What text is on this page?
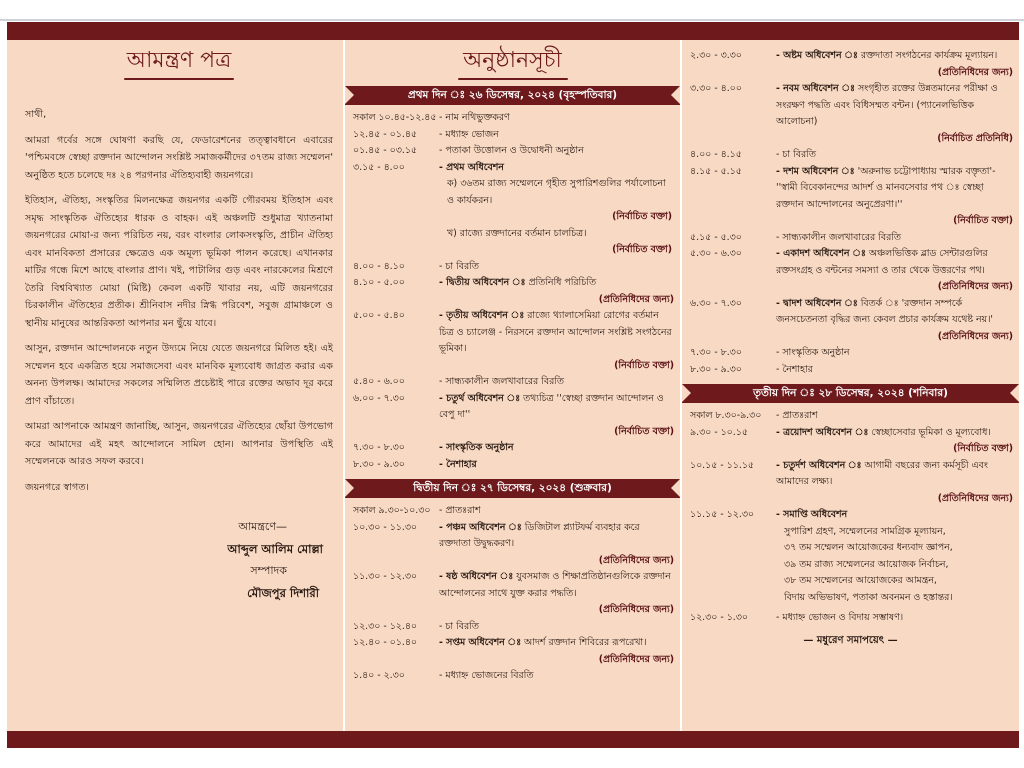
আমন্ত্রণ পত্র

সাথী,

আমরা গর্বের সঙ্গে ঘোষণা করছি যে, ফেডারেশনের তত্ত্বাবধানে এবারের 'পশ্চিমবঙ্গে স্বেচ্ছা রক্তদান আন্দোলন সংশ্লিষ্ট সমাজকর্মীদের ৩৭তম রাজ্য সম্মেলন' অনুষ্ঠিত হতে চলেছে দঃ ২৪ পরগনার ঐতিহ্যবাহী জয়নগরে।

ইতিহাস, ঐতিহ্য, সংস্কৃতির মিলনক্ষেত্র জয়নগর একটি গৌরবময় ইতিহাস এবং সমৃদ্ধ সাংস্কৃতিক ঐতিহ্যের ধারক ও বাহক। এই অঞ্চলটি শুধুমাত্র খ্যাতনামা জয়নগরের মোয়া-র জন্য পরিচিত নয়, বরং বাংলার লোকসংস্কৃতি, প্রাচীন ঐতিহ্য এবং মানবিকতা প্রসারের ক্ষেত্রেও এক অমূল্য ভূমিকা পালন করেছে। এখানকার মাটির গন্ধে মিশে আছে বাংলার প্রাণ। খই, পাটালির গুড় এবং নারকেলের মিশ্রণে তৈরি বিশ্ববিখ্যাত মোয়া (মিষ্টি) কেবল একটি খাবার নয়, এটি জয়নগরের চিরকালীন ঐতিহ্যের প্রতীক। শ্রীনিবাস নদীর স্নিগ্ধ পরিবেশ, সবুজ গ্রামাঞ্চলে ও স্থানীয় মানুষের আন্তরিকতা আপনার মন ছুঁয়ে যাবে।

আসুন, রক্তদান আন্দোলনকে নতুন উদ্যমে নিয়ে যেতে জয়নগরে মিলিত হই। এই সম্মেলন হবে একত্রিত হয়ে সমাজসেবা এবং মানবিক মূল্যবোধ জাগ্রত করার এক অনন্য উপলক্ষ। আমাদের সকলের সম্মিলিত প্রচেষ্টাই পারে রক্তের অভাব দূর করে প্রাণ বাঁচাতে।

আমরা আপনাকে আমন্ত্রণ জানাচ্ছি, আসুন, জয়নগরের ঐতিহ্যের ছোঁয়া উপভোগ করে আমাদের এই মহৎ আন্দোলনে সামিল হোন। আপনার উপস্থিতি এই সম্মেলনকে আরও সফল করবে।

জয়নগরে স্বাগত।

আমন্ত্রণে—
আব্দুল আলিম মোল্লা
সম্পাদক
মৌজপুর দিশারী
অনুষ্ঠানসূচী
প্রথম দিন ঃ ২৬ ডিসেম্বর, ২০২৪ (বৃহস্পতিবার)
সকাল ১০.৪৫-১২.৪৫ - নাম নথিভুক্তকরণ
১২.৪৫ - ০১.৪৫	- মধ্যাহ্ন ভোজন
০১.৪৫ - ০৩.১৫	- পতাকা উত্তোলন ও উদ্বোধনী অনুষ্ঠান
৩.১৫ - ৪.০০	- প্রথম অধিবেশন
ক) ৩৬তম রাজ্য সম্মেলনে গৃহীত সুপারিশগুলির পর্যালোচনা ও কার্যকরন।
(নির্বাচিত বক্তা)
খ) রাজ্যে রক্তদানের বর্তমান চালচিত্র।
(নির্বাচিত বক্তা)
৪.০০ - ৪.১০	- চা বিরতি
৪.১০ - ৫.০০	- দ্বিতীয় অধিবেশন ঃ প্রতিনিধি পরিচিতি
(প্রতিনিধিদের জন্য)
৫.০০ - ৫.৪০	- তৃতীয় অধিবেশন ঃ রাজ্যে থ্যালাসেমিয়া রোগের বর্তমান চিত্র ও চ্যালেঞ্জ - নিরসনে রক্তদান আন্দোলন সংশ্লিষ্ট সংগঠনের ভূমিকা।
(নির্বাচিত বক্তা)
৫.৪০ - ৬.০০	- সান্ধ্যকালীন জলখাবারের বিরতি
৬.০০ - ৭.৩০	- চতুর্থ অধিবেশন ঃ তথ্যচিত্র ''স্বেচ্ছা রক্তদান আন্দোলন ও বেপু দা''
(নির্বাচিত বক্তা)
৭.৩০ - ৮.৩০	- সাংস্কৃতিক অনুষ্ঠান
৮.৩০ - ৯.৩০	- নৈশাহার
দ্বিতীয় দিন ঃ ২৭ ডিসেম্বর, ২০২৪ (শুক্রবার)
সকাল ৯.৩০-১০.৩০ - প্রাতঃরাশ
১০.৩০ - ১১.৩০	- পঞ্চম অধিবেশন ঃ ডিজিটাল প্ল্যাটফর্ম ব্যবহার করে রক্তদাতা উদ্বুদ্ধকরণ।
(প্রতিনিধিদের জন্য)
১১.৩০ - ১২.৩০	- ষষ্ঠ অধিবেশন ঃ যুবসমাজ ও শিক্ষাপ্রতিষ্ঠানগুলিকে রক্তদান আন্দোলনের সাথে যুক্ত করার পদ্ধতি।
(প্রতিনিধিদের জন্য)
১২.৩০ - ১২.৪০	- চা বিরতি
১২.৪০ - ০১.৪০	- সপ্তম অধিবেশন ঃ আদর্শ রক্তদান শিবিরের রূপরেখা।
(প্রতিনিধিদের জন্য)
১.৪০ - ২.৩০	- মধ্যাহ্ন ভোজনের বিরতি
২.৩০ - ৩.৩০	- অষ্টম অধিবেশন ঃ রক্তদাতা সংগঠনের কার্যক্রম মূল্যায়ন।
(প্রতিনিধিদের জন্য)
৩.৩০ - ৪.০০	- নবম অধিবেশন ঃ সংগৃহীত রক্তের উন্নতমানের পরীক্ষা ও সংরক্ষণ পদ্ধতি এবং বিধিসম্মত বন্টন। (প্যানেলভিত্তিক আলোচনা)
(নির্বাচিত প্রতিনিধি)
৪.০০ - ৪.১৫	- চা বিরতি
৪.১৫ - ৫.১৫	- দশম অধিবেশন ঃ 'অরুনাভ চট্টোপাধ্যায় স্মারক বক্তৃতা'- ''স্বামী বিবেকানন্দের আদর্শ ও মানবসেবার পথ ঃ স্বেচ্ছা রক্তদান আন্দোলনের অনুপ্রেরণা।''
(নির্বাচিত বক্তা)
৫.১৫ - ৫.৩০	- সান্ধ্যকালীন জলখাবারের বিরতি
৫.৩০ - ৬.৩০	- একাদশ অধিবেশন ঃ অঞ্চলভিত্তিক ব্লাড সেন্টারগুলির রক্তসংগ্রহ ও বন্টনের সমস্যা ও তার থেকে উত্তরণের পথ।
(প্রতিনিধিদের জন্য)
৬.৩০ - ৭.৩০	- দ্বাদশ অধিবেশন ঃ বিতর্ক ঃ 'রক্তদান সম্পর্কে জনসচেতনতা বৃদ্ধির জন্য কেবল প্রচার কার্যক্রম যথেষ্ট নয়।'
(প্রতিনিধিদের জন্য)
৭.৩০ - ৮.৩০	- সাংস্কৃতিক অনুষ্ঠান
৮.৩০ - ৯.৩০	- নৈশাহার
তৃতীয় দিন ঃ ২৮ ডিসেম্বর, ২০২৪ (শনিবার)
সকাল ৮.৩০-৯.৩০	- প্রাতঃরাশ
৯.৩০ - ১০.১৫	- ত্রয়োদশ অধিবেশন ঃ স্বেচ্ছাসেবার ভূমিকা ও মূল্যবোধ।
(নির্বাচিত বক্তা)
১০.১৫ - ১১.১৫	- চতুর্দশ অধিবেশন ঃ আগামী বছরের জন্য কর্মসূচী এবং আমাদের লক্ষ্য।
(প্রতিনিধিদের জন্য)
১১.১৫ - ১২.৩০	- সমাপ্তি অধিবেশন
সুপারিশ গ্রহণ, সম্মেলনের সামগ্রিক মূল্যায়ন,
৩৭ তম সম্মেলন আয়োজকের ধন্যবাদ জ্ঞাপন,
৩৯ তম রাজ্য সম্মেলনের আয়োজক নির্বাচন,
৩৮ তম সম্মেলনের আয়োজকের আমন্ত্রন,
বিদায় অভিভাষণ, পতাকা অবনমন ও হস্তান্তর।
১২.৩০ - ১.৩০	- মধ্যাহ্ন ভোজন ও বিদায় সম্ভাষণ।
— মধুরেণ সমাপয়েৎ —
